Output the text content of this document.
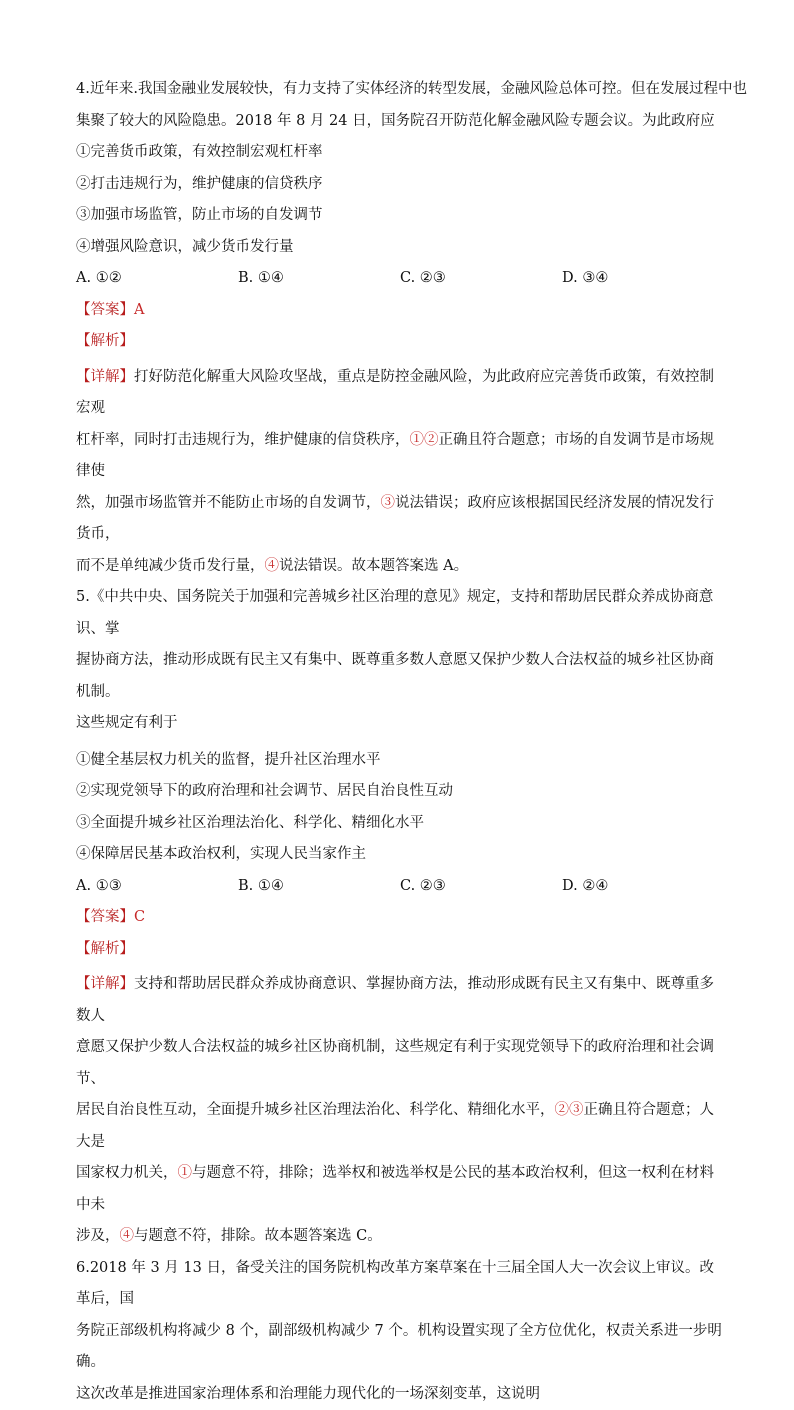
4.近年来.我国金融业发展较快，有力支持了实体经济的转型发展，金融风险总体可控。但在发展过程中也
集聚了较大的风险隐患。2018 年 8 月 24 日，国务院召开防范化解金融风险专题会议。为此政府应
①完善货币政策，有效控制宏观杠杆率
②打击违规行为，维护健康的信贷秩序
③加强市场监管，防止市场的自发调节
④增强风险意识，减少货币发行量
A. ①②	B. ①④	C. ②③	D. ③④
【答案】A
【解析】
【详解】打好防范化解重大风险攻坚战，重点是防控金融风险，为此政府应完善货币政策，有效控制宏观
杠杆率，同时打击违规行为，维护健康的信贷秩序，①②正确且符合题意；市场的自发调节是市场规律使
然，加强市场监管并不能防止市场的自发调节，③说法错误；政府应该根据国民经济发展的情况发行货币，
而不是单纯减少货币发行量，④说法错误。故本题答案选 A。
5.《中共中央、国务院关于加强和完善城乡社区治理的意见》规定，支持和帮助居民群众养成协商意识、掌
握协商方法，推动形成既有民主又有集中、既尊重多数人意愿又保护少数人合法权益的城乡社区协商机制。
这些规定有利于
①健全基层权力机关的监督，提升社区治理水平
②实现党领导下的政府治理和社会调节、居民自治良性互动
③全面提升城乡社区治理法治化、科学化、精细化水平
④保障居民基本政治权利，实现人民当家作主
A. ①③	B. ①④	C. ②③	D. ②④
【答案】C
【解析】
【详解】支持和帮助居民群众养成协商意识、掌握协商方法，推动形成既有民主又有集中、既尊重多数人
意愿又保护少数人合法权益的城乡社区协商机制，这些规定有利于实现党领导下的政府治理和社会调节、
居民自治良性互动，全面提升城乡社区治理法治化、科学化、精细化水平，②③正确且符合题意；人大是
国家权力机关，①与题意不符，排除；选举权和被选举权是公民的基本政治权利，但这一权利在材料中未
涉及，④与题意不符，排除。故本题答案选 C。
6.2018 年 3 月 13 日，备受关注的国务院机构改革方案草案在十三届全国人大一次会议上审议。改革后，国
务院正部级机构将减少 8 个，副部级机构减少 7 个。机构设置实现了全方位优化，权责关系进一步明确。
这次改革是推进国家治理体系和治理能力现代化的一场深刻变革，这说明
